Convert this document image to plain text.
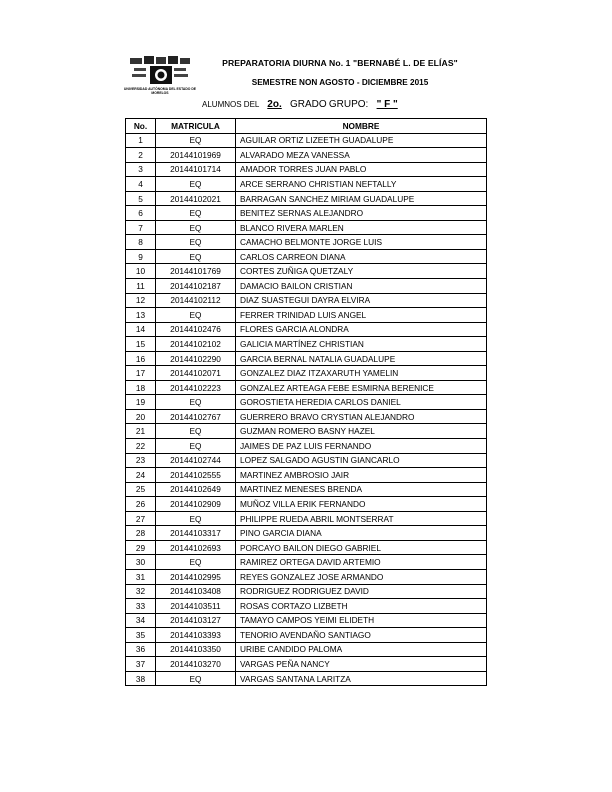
UNIVERSIDAD AUTÓNOMA DEL ESTADO DE MORELOS
PREPARATORIA DIURNA No. 1 "BERNABÉ L. DE ELÍAS"
SEMESTRE NON AGOSTO - DICIEMBRE 2015
ALUMNOS DEL 2o. GRADO GRUPO: " F "
No.	MATRICULA	NOMBRE
1	EQ	AGUILAR ORTIZ LIZEETH GUADALUPE
2	20144101969	ALVARADO MEZA VANESSA
3	20144101714	AMADOR TORRES JUAN PABLO
4	EQ	ARCE SERRANO CHRISTIAN NEFTALLY
5	20144102021	BARRAGAN SANCHEZ MIRIAM GUADALUPE
6	EQ	BENITEZ SERNAS ALEJANDRO
7	EQ	BLANCO RIVERA MARLEN
8	EQ	CAMACHO BELMONTE JORGE LUIS
9	EQ	CARLOS CARREON DIANA
10	20144101769	CORTES ZUÑIGA QUETZALY
11	20144102187	DAMACIO BAILON CRISTIAN
12	20144102112	DIAZ SUASTEGUI DAYRA ELVIRA
13	EQ	FERRER TRINIDAD LUIS ANGEL
14	20144102476	FLORES GARCIA ALONDRA
15	20144102102	GALICIA MARTÍNEZ CHRISTIAN
16	20144102290	GARCIA BERNAL NATALIA GUADALUPE
17	20144102071	GONZALEZ DIAZ ITZAXARUTH YAMELIN
18	20144102223	GONZALEZ ARTEAGA FEBE ESMIRNA BERENICE
19	EQ	GOROSTIETA HEREDIA CARLOS DANIEL
20	20144102767	GUERRERO BRAVO CRYSTIAN ALEJANDRO
21	EQ	GUZMAN ROMERO BASNY HAZEL
22	EQ	JAIMES DE PAZ LUIS FERNANDO
23	20144102744	LOPEZ SALGADO AGUSTIN GIANCARLO
24	20144102555	MARTINEZ AMBROSIO JAIR
25	20144102649	MARTINEZ MENESES BRENDA
26	20144102909	MUÑOZ VILLA ERIK FERNANDO
27	EQ	PHILIPPE RUEDA ABRIL MONTSERRAT
28	20144103317	PINO GARCIA DIANA
29	20144102693	PORCAYO BAILON DIEGO GABRIEL
30	EQ	RAMIREZ ORTEGA DAVID ARTEMIO
31	20144102995	REYES GONZALEZ JOSE ARMANDO
32	20144103408	RODRIGUEZ RODRIGUEZ DAVID
33	20144103511	ROSAS CORTAZO LIZBETH
34	20144103127	TAMAYO CAMPOS YEIMI ELIDETH
35	20144103393	TENORIO AVENDAÑO SANTIAGO
36	20144103350	URIBE CANDIDO PALOMA
37	20144103270	VARGAS PEÑA NANCY
38	EQ	VARGAS SANTANA LARITZA
